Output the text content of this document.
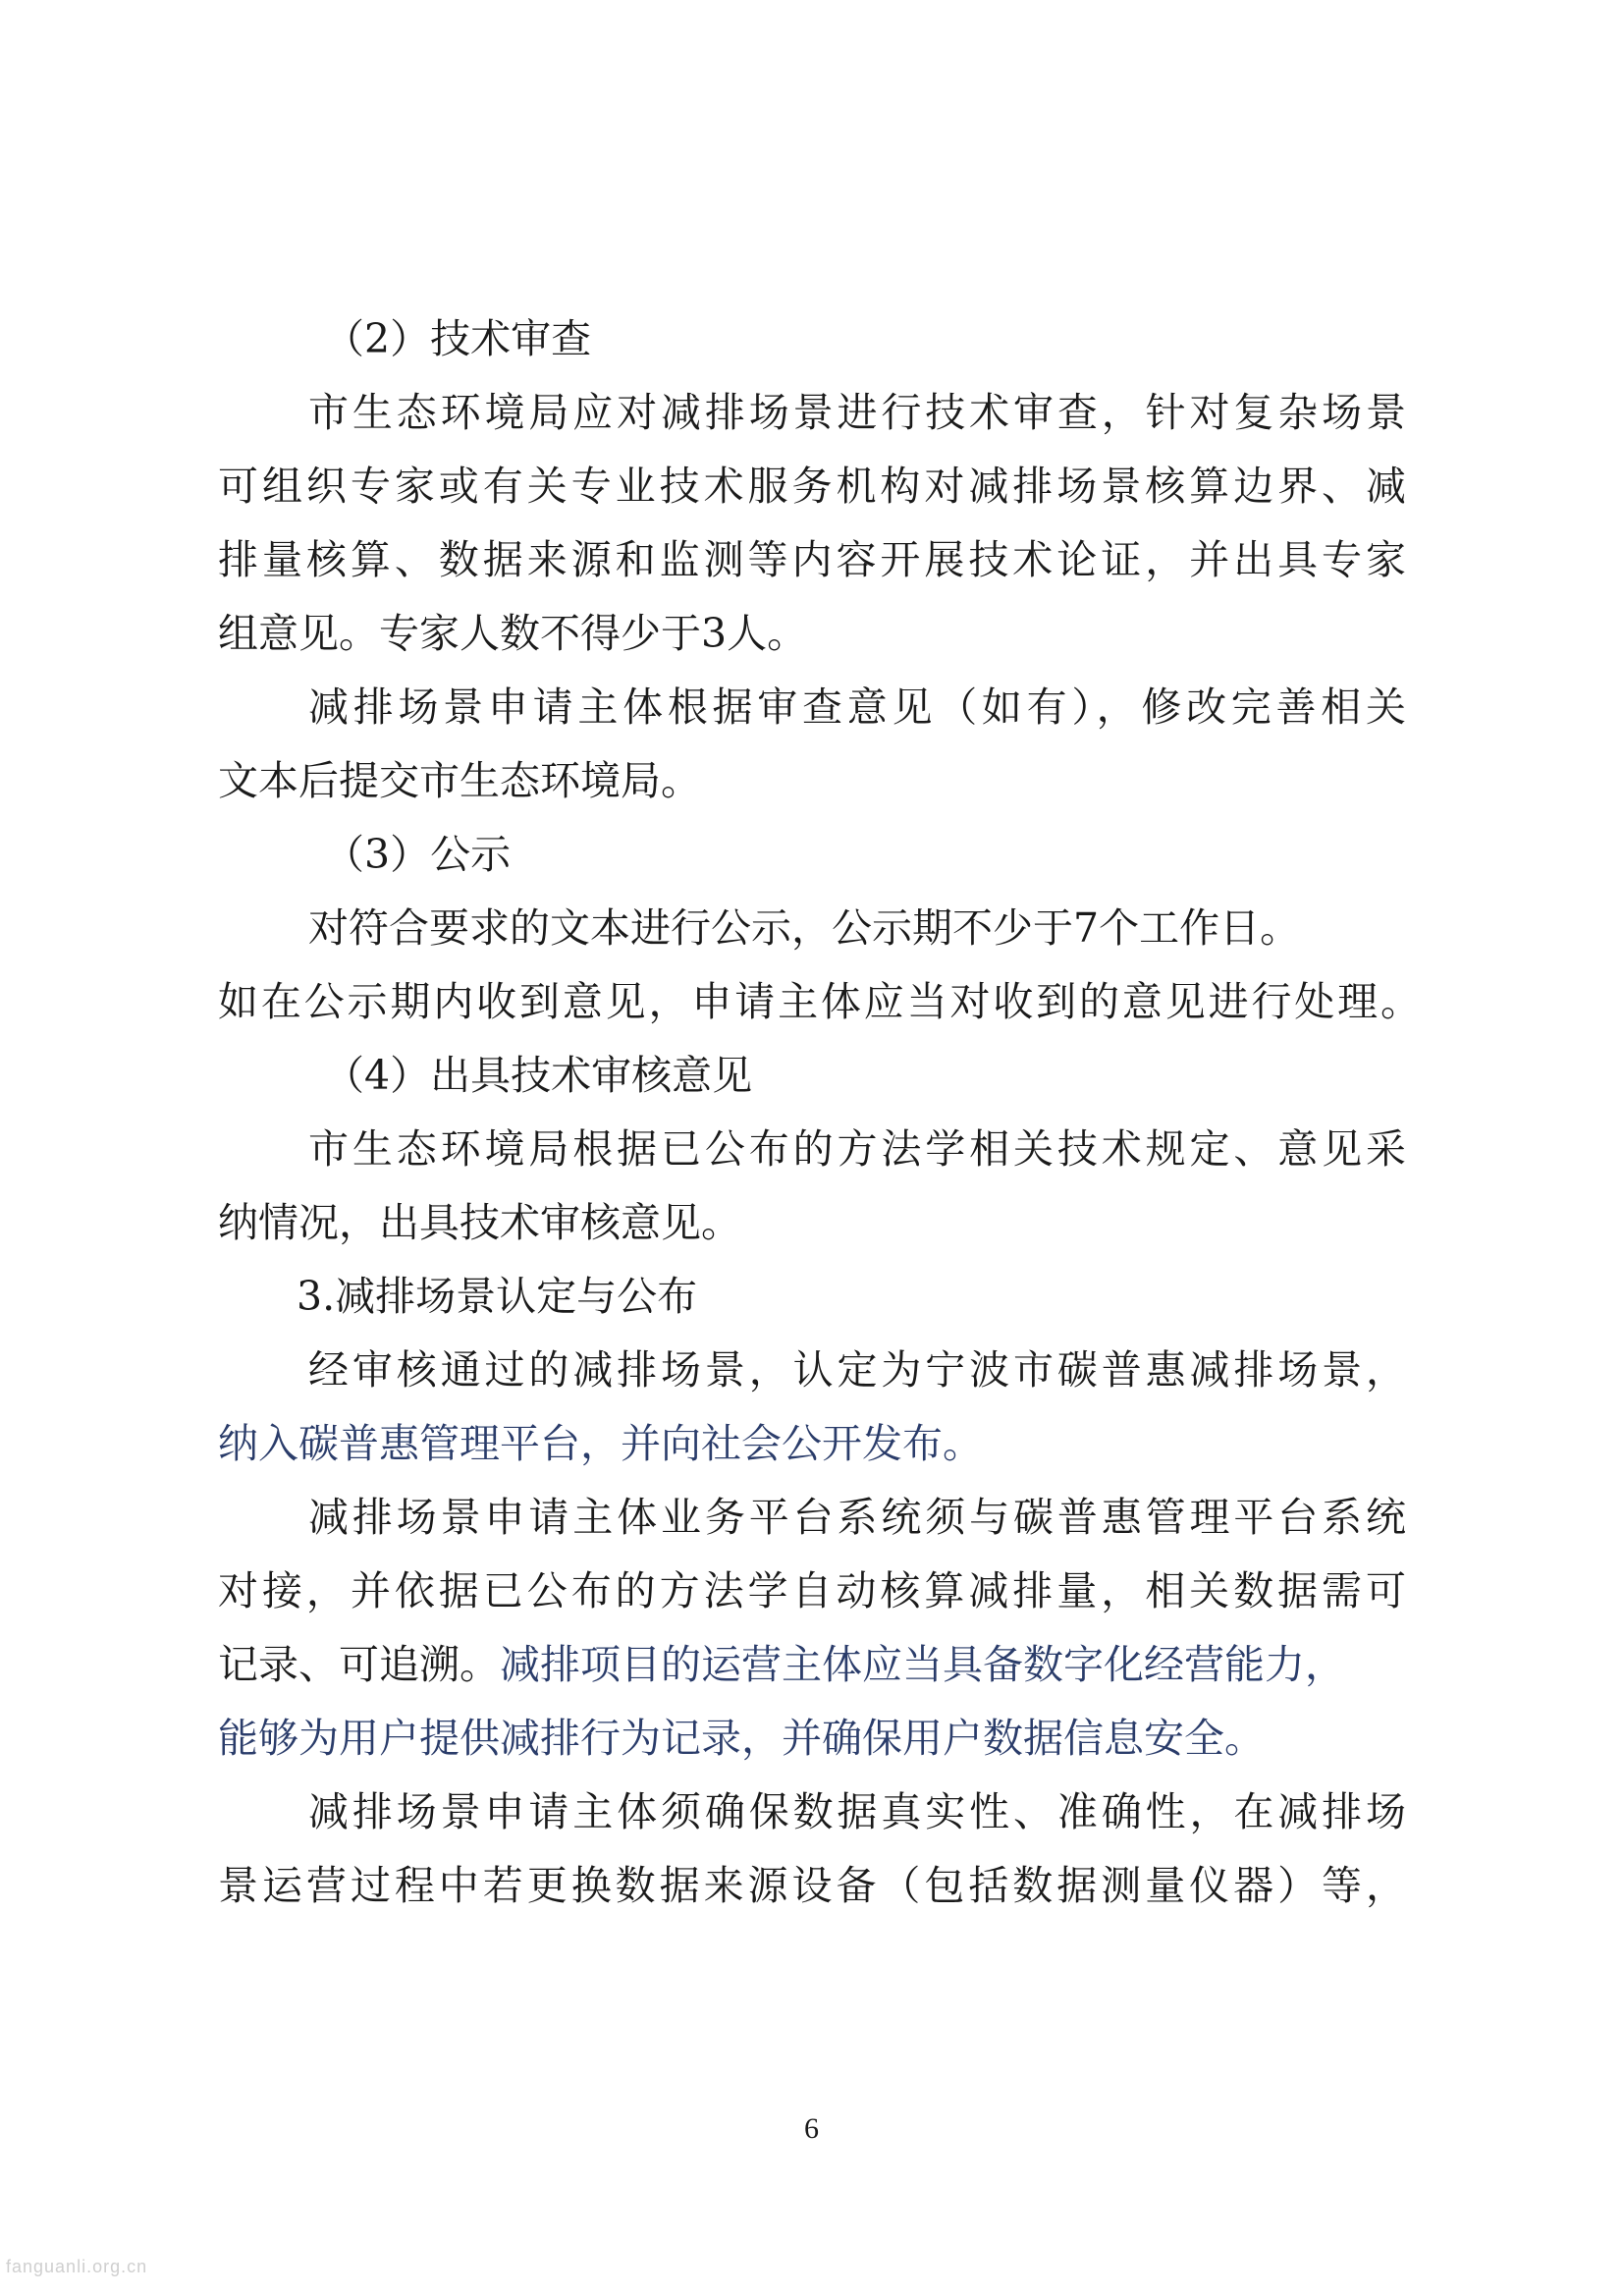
（2）技术审查
市生态环境局应对减排场景进行技术审查，针对复杂场景
可组织专家或有关专业技术服务机构对减排场景核算边界、减
排量核算、数据来源和监测等内容开展技术论证，并出具专家
组意见。专家人数不得少于3人。
减排场景申请主体根据审查意见（如有），修改完善相关
文本后提交市生态环境局。
（3）公示
对符合要求的文本进行公示，公示期不少于7个工作日。
如在公示期内收到意见，申请主体应当对收到的意见进行处理。
（4）出具技术审核意见
市生态环境局根据已公布的方法学相关技术规定、意见采
纳情况，出具技术审核意见。
3.减排场景认定与公布
经审核通过的减排场景，认定为宁波市碳普惠减排场景，
纳入碳普惠管理平台，并向社会公开发布。
减排场景申请主体业务平台系统须与碳普惠管理平台系统
对接，并依据已公布的方法学自动核算减排量，相关数据需可
记录、可追溯。减排项目的运营主体应当具备数字化经营能力，
能够为用户提供减排行为记录，并确保用户数据信息安全。
减排场景申请主体须确保数据真实性、准确性，在减排场
景运营过程中若更换数据来源设备（包括数据测量仪器）等，
6
fanguanli.org.cn
